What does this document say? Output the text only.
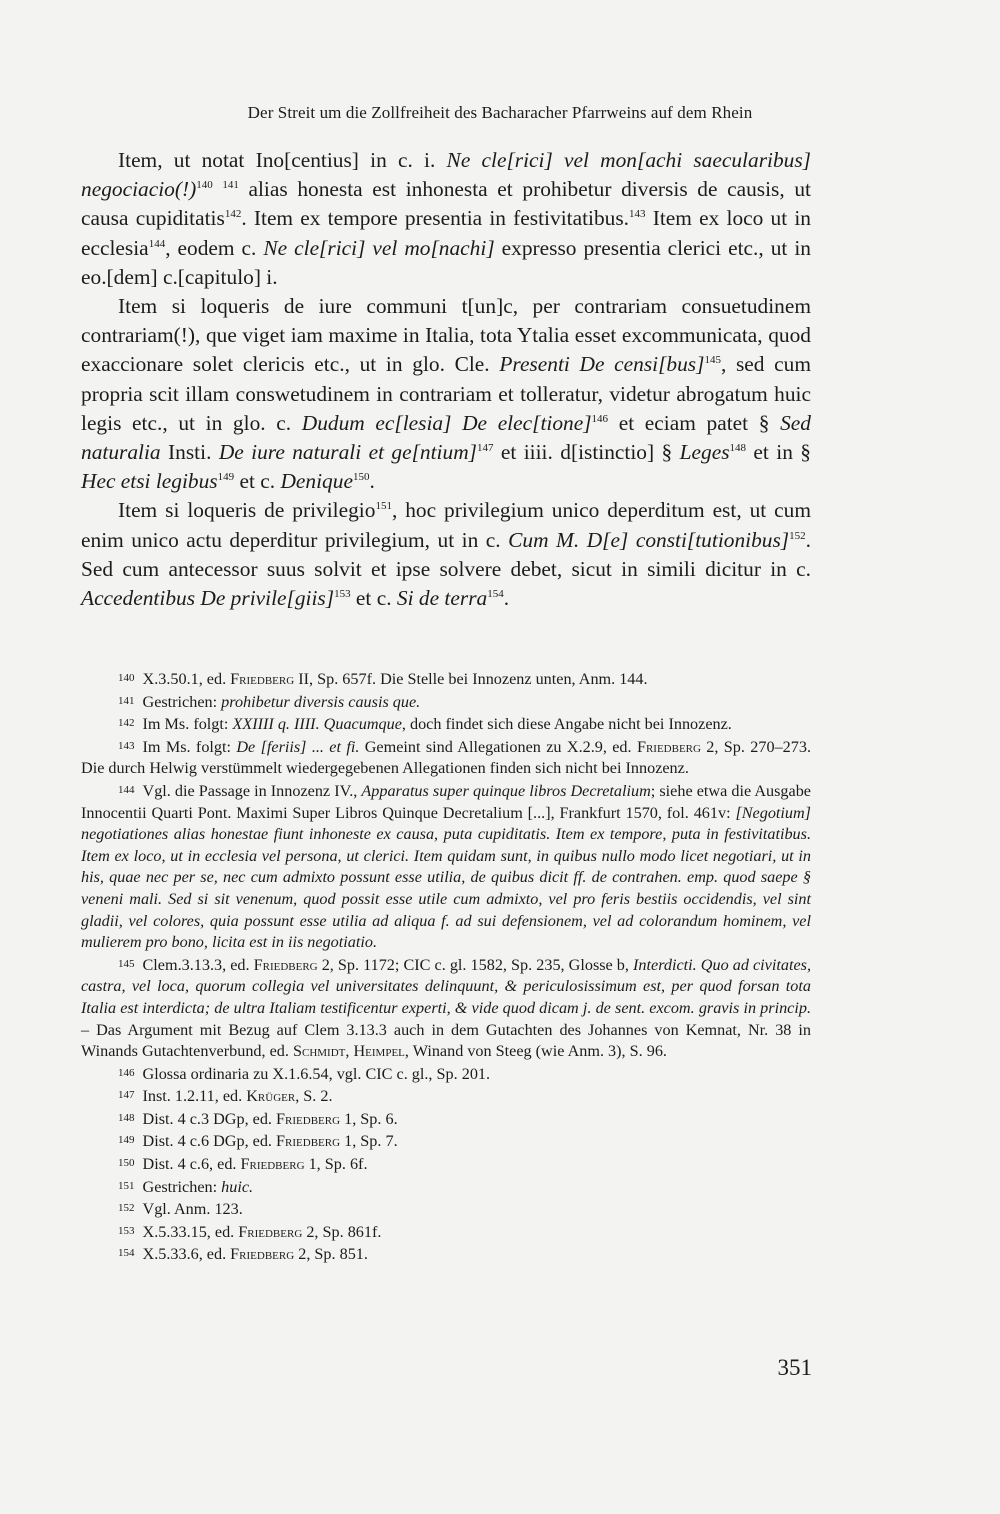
Der Streit um die Zollfreiheit des Bacharacher Pfarrweins auf dem Rhein

Item, ut notat Ino[centius] in c. i. Ne cle[rici] vel mon[achi saecularibus] negociacio(!)$^{140}$ $^{141}$ alias honesta est inhonesta et prohibetur diversis de causis, ut causa cupiditatis$^{142}$. Item ex tempore presentia in festivitatibus.$^{143}$ Item ex loco ut in ecclesia$^{144}$, eodem c. Ne cle[rici] vel mo[nachi] expresso presentia clerici etc., ut in eo.[dem] c.[capitulo] i.

Item si loqueris de iure communi t[un]c, per contrariam consuetudinem contrariam(!), que viget iam maxime in Italia, tota Ytalia esset excommunicata, quod exaccionare solet clericis etc., ut in glo. Cle. Presenti De censi[bus]$^{145}$, sed cum propria scit illam conswetudinem in contrariam et tolleratur, videtur abrogatum huic legis etc., ut in glo. c. Dudum ec[lesia] De elec[tione]$^{146}$ et eciam patet § Sed naturalia Insti. De iure naturali et ge[ntium]$^{147}$ et iiii. d[istinctio] § Leges$^{148}$ et in § Hec etsi legibus$^{149}$ et c. Denique$^{150}$.

Item si loqueris de privilegio$^{151}$, hoc privilegium unico deperditum est, ut cum enim unico actu deperditur privilegium, ut in c. Cum M. D[e] consti[tutionibus]$^{152}$. Sed cum antecessor suus solvit et ipse solvere debet, sicut in simili dicitur in c. Accedentibus De privile[giis]$^{153}$ et c. Si de terra$^{154}$.

140 X.3.50.1, ed. Friedberg II, Sp. 657f. Die Stelle bei Innozenz unten, Anm. 144.

141 Gestrichen: prohibetur diversis causis que.

142 Im Ms. folgt: XXIIII q. IIII. Quacumque, doch findet sich diese Angabe nicht bei Innozenz.

143 Im Ms. folgt: De [feriis] ... et fi. Gemeint sind Allegationen zu X.2.9, ed. Friedberg 2, Sp. 270–273. Die durch Helwig verstümmelt wiedergegebenen Allegationen finden sich nicht bei Innozenz.

144 Vgl. die Passage in Innozenz IV., Apparatus super quinque libros Decretalium; siehe etwa die Ausgabe Innocentii Quarti Pont. Maximi Super Libros Quinque Decretalium [...], Frankfurt 1570, fol. 461v: [Negotium] negotiationes alias honestae fiunt inhoneste ex causa, puta cupiditatis. Item ex tempore, puta in festivitatibus. Item ex loco, ut in ecclesia vel persona, ut clerici. Item quidam sunt, in quibus nullo modo licet negotiari, ut in his, quae nec per se, nec cum admixto possunt esse utilia, de quibus dicit ff. de contrahen. emp. quod saepe § veneni mali. Sed si sit venenum, quod possit esse utile cum admixto, vel pro feris bestiis occidendis, vel sint gladii, vel colores, quia possunt esse utilia ad aliqua f. ad sui defensionem, vel ad colorandum hominem, vel mulierem pro bono, licita est in iis negotiatio.

145 Clem.3.13.3, ed. Friedberg 2, Sp. 1172; CIC c. gl. 1582, Sp. 235, Glosse b, Interdicti. Quo ad civitates, castra, vel loca, quorum collegia vel universitates delinquunt, & periculosissimum est, per quod forsan tota Italia est interdicta; de ultra Italiam testificentur experti, & vide quod dicam j. de sent. excom. gravis in princip. – Das Argument mit Bezug auf Clem 3.13.3 auch in dem Gutachten des Johannes von Kemnat, Nr. 38 in Winands Gutachtenverbund, ed. Schmidt, Heimpel, Winand von Steeg (wie Anm. 3), S. 96.

146 Glossa ordinaria zu X.1.6.54, vgl. CIC c. gl., Sp. 201.

147 Inst. 1.2.11, ed. Krüger, S. 2.

148 Dist. 4 c.3 DGp, ed. Friedberg 1, Sp. 6.

149 Dist. 4 c.6 DGp, ed. Friedberg 1, Sp. 7.

150 Dist. 4 c.6, ed. Friedberg 1, Sp. 6f.

151 Gestrichen: huic.

152 Vgl. Anm. 123.

153 X.5.33.15, ed. Friedberg 2, Sp. 861f.

154 X.5.33.6, ed. Friedberg 2, Sp. 851.

351
